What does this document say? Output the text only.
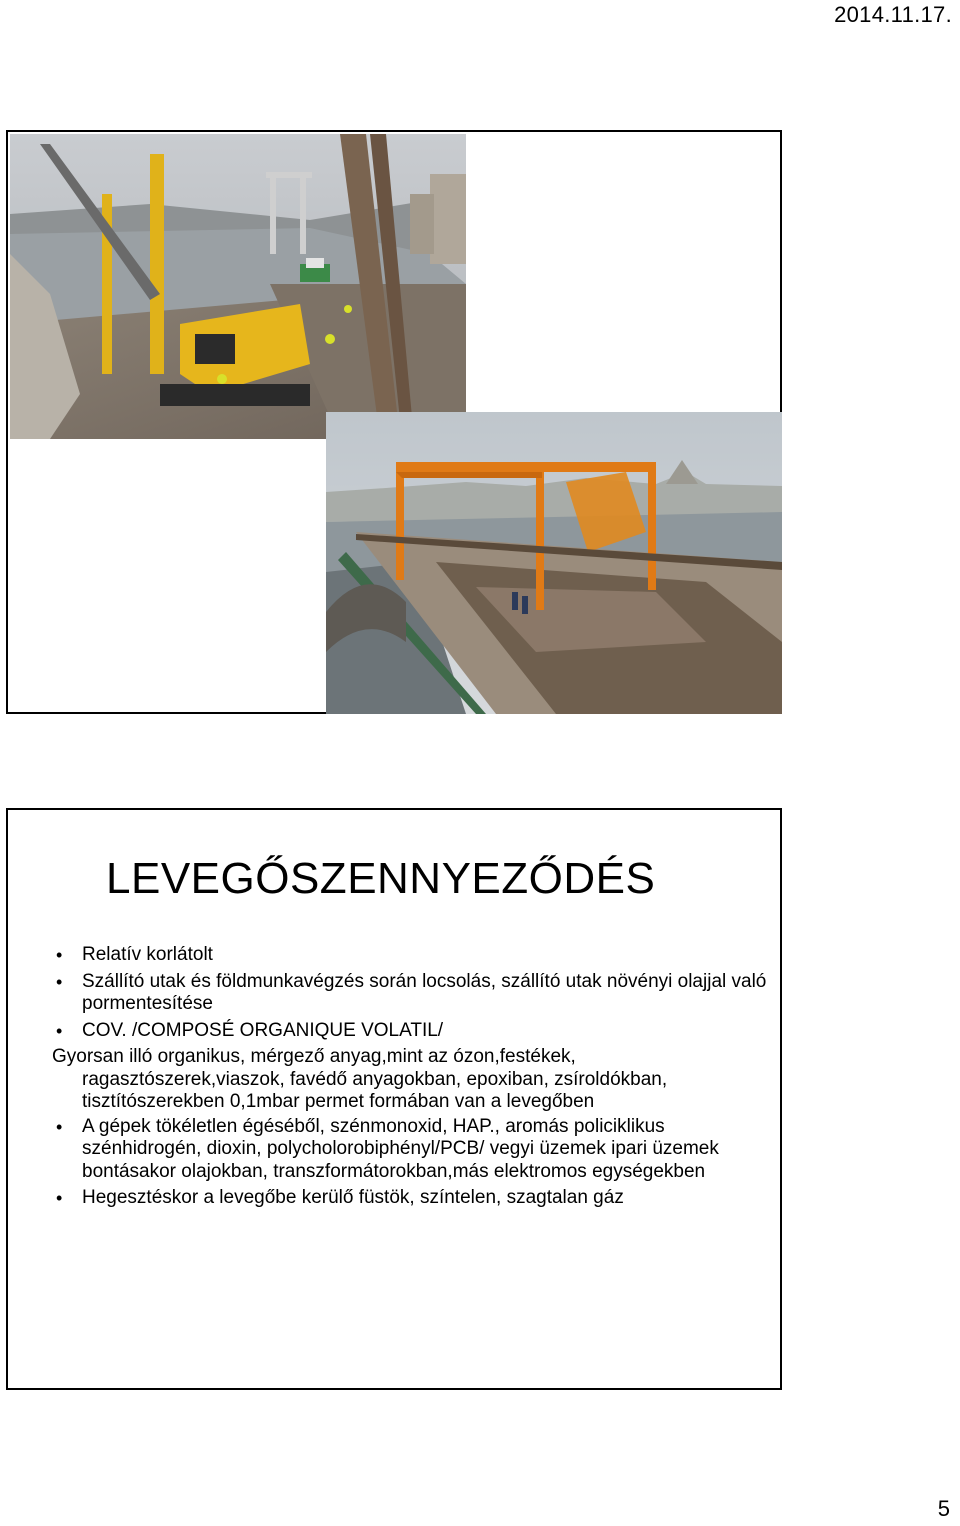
2014.11.17.
LEVEGŐSZENNYEZŐDÉS
• Relatív korlátolt
• Szállító utak és földmunkavégzés során locsolás, szállító utak növényi olajjal való pormentesítése
• COV. /COMPOSÉ ORGANIQUE VOLATIL/
Gyorsan illó organikus, mérgező anyag,mint az ózon,festékek,
ragasztószerek,viaszok, favédő anyagokban, epoxiban, zsíroldókban, tisztítószerekben 0,1mbar permet formában van a levegőben
• A gépek tökéletlen égéséből, szénmonoxid, HAP., aromás policiklikus szénhidrogén, dioxin, polycholorobiphényl/PCB/ vegyi üzemek ipari üzemek bontásakor olajokban, transzformátorokban,más elektromos egységekben
• Hegesztéskor a levegőbe kerülő füstök, színtelen, szagtalan gáz
5
